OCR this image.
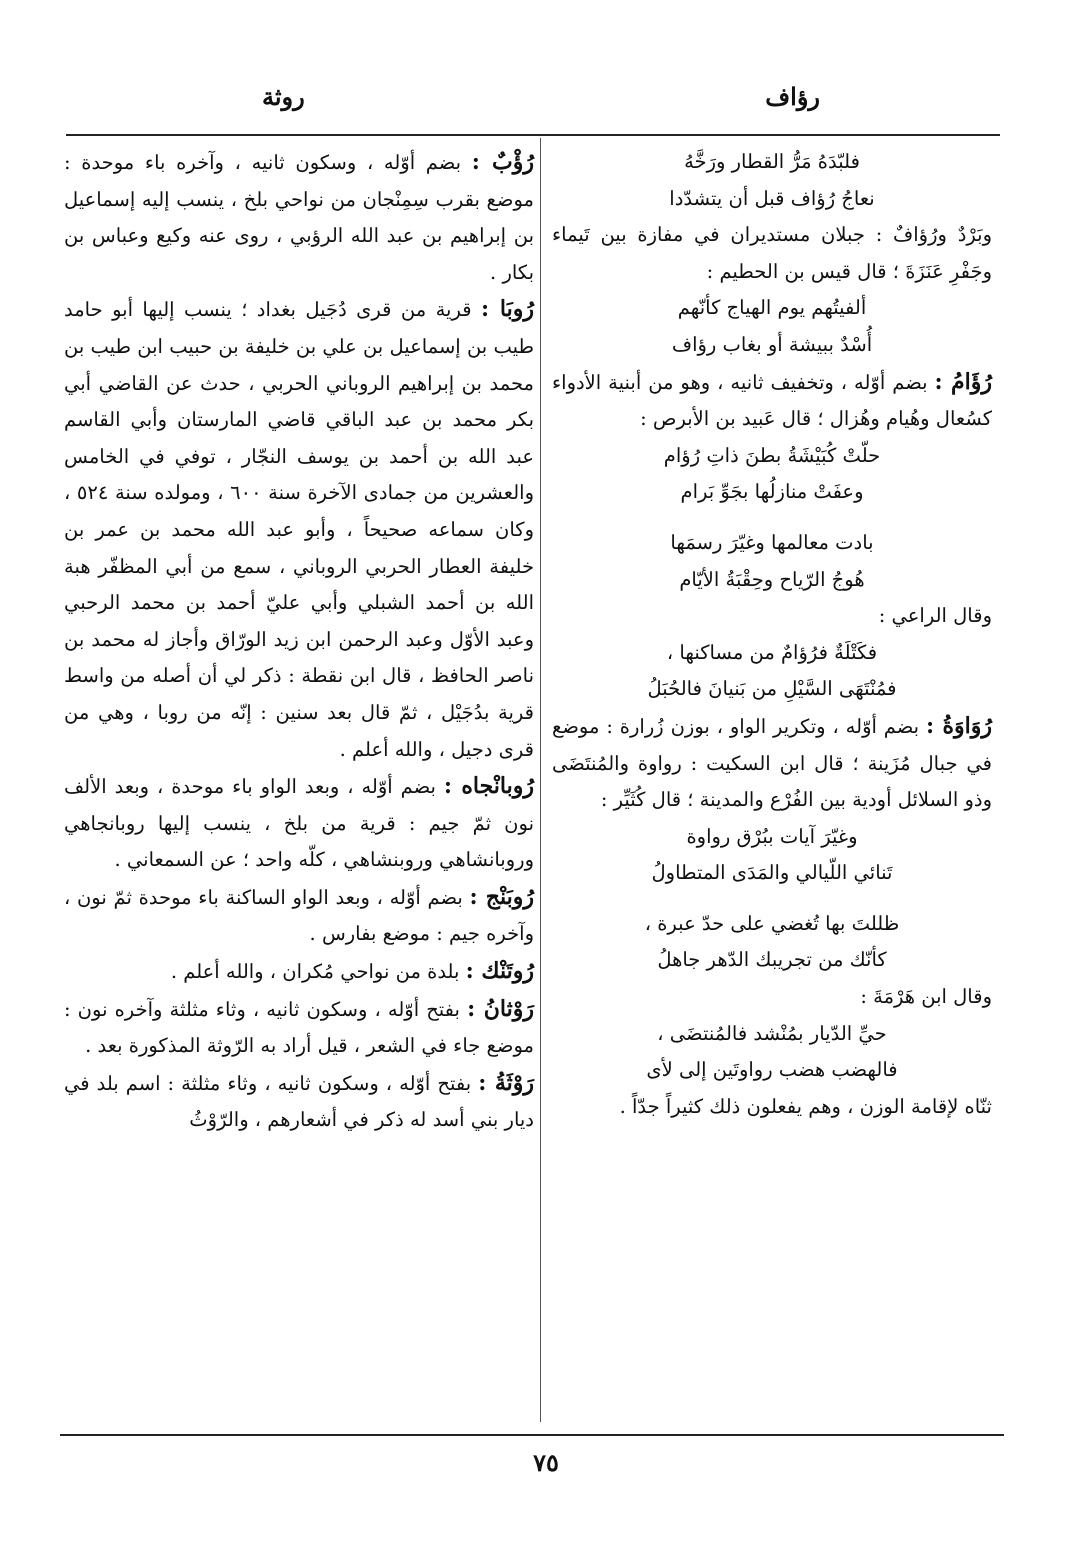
رؤاف
روثة

فلبّدَهُ مَرُّ القطار ورَخَّهُ

نعاجُ رُؤاف قبل أن يتشدّدا

وبَرْدٌ ورُؤافٌ : جبلان مستديران في مفازة بين تَيماء وجَفْرِ عَنَزَةَ ؛ قال قيس بن الحطيم :

ألفيتُهم يوم الهياج كأنّهم

أُسْدٌ ببيشة أو بغاب رؤاف

رُؤَامُ : بضم أوّله ، وتخفيف ثانيه ، وهو من أبنية الأدواء كسُعال وهُيام وهُزال ؛ قال عَبيد بن الأبرص :

حلّتْ كُبَيْشَةُ بطنَ ذاتِ رُؤام

وعفَتْ منازلُها بجَوِّ بَرام

بادت معالمها وغيّرَ رسمَها

هُوجُ الرّياح وحِقْبَةُ الأيّام

وقال الراعي :

فكَتْلَةٌ فرُؤامٌ من مساكنها ،

فمُنْتَهَى السَّيْلِ من بَنيانَ فالحُبَلُ

رُوَاوَةُ : بضم أوّله ، وتكرير الواو ، بوزن زُرارة : موضع في جبال مُزَينة ؛ قال ابن السكيت : رواوة والمُنتَضَى وذو السلائل أودية بين الفُرْع والمدينة ؛ قال كُثَيِّر :

وغيّرَ آيات ببُرْق رواوة

تَنائي اللّيالي والمَدَى المتطاولُ

ظللتَ بها تُغضي على حدّ عبرة ،

كأنّك من تجريبك الدّهر جاهلُ

وقال ابن هَرْمَةَ :

حيِّ الدّيار بمُنْشد فالمُنتضَى ،

فالهضب هضب رواوتَين إلى لأى

ثنّاه لإقامة الوزن ، وهم يفعلون ذلك كثيراً جدّاً .

رُؤْبٌ : بضم أوّله ، وسكون ثانيه ، وآخره باء موحدة : موضع بقرب سِمِنْجان من نواحي بلخ ، ينسب إليه إسماعيل بن إبراهيم بن عبد الله الرؤبي ، روى عنه وكيع وعباس بن بكار .

رُوبَا : قرية من قرى دُجَيل بغداد ؛ ينسب إليها أبو حامد طيب بن إسماعيل بن علي بن خليفة بن حبيب ابن طيب بن محمد بن إبراهيم الروباني الحربي ، حدث عن القاضي أبي بكر محمد بن عبد الباقي قاضي المارستان وأبي القاسم عبد الله بن أحمد بن يوسف النجّار ، توفي في الخامس والعشرين من جمادى الآخرة سنة ٦٠٠ ، ومولده سنة ٥٢٤ ، وكان سماعه صحيحاً ، وأبو عبد الله محمد بن عمر بن خليفة العطار الحربي الروباني ، سمع من أبي المظفّر هبة الله بن أحمد الشبلي وأبي عليّ أحمد بن محمد الرحبي وعبد الأوّل وعبد الرحمن ابن زيد الورّاق وأجاز له محمد بن ناصر الحافظ ، قال ابن نقطة : ذكر لي أن أصله من واسط قرية بدُجَيْل ، ثمّ قال بعد سنين : إنّه من روبا ، وهي من قرى دجيل ، والله أعلم .

رُوبانْجاه : بضم أوّله ، وبعد الواو باء موحدة ، وبعد الألف نون ثمّ جيم : قرية من بلخ ، ينسب إليها روبانجاهي وروبانشاهي وروبنشاهي ، كلّه واحد ؛ عن السمعاني .

رُوبَنْج : بضم أوّله ، وبعد الواو الساكنة باء موحدة ثمّ نون ، وآخره جيم : موضع بفارس .

رُوتَنْك : بلدة من نواحي مُكران ، والله أعلم .

رَوْثانُ : بفتح أوّله ، وسكون ثانيه ، وثاء مثلثة وآخره نون : موضع جاء في الشعر ، قيل أراد به الرّوثة المذكورة بعد .

رَوْثَةُ : بفتح أوّله ، وسكون ثانيه ، وثاء مثلثة : اسم بلد في ديار بني أسد له ذكر في أشعارهم ، والرّوْثُ

٧٥
